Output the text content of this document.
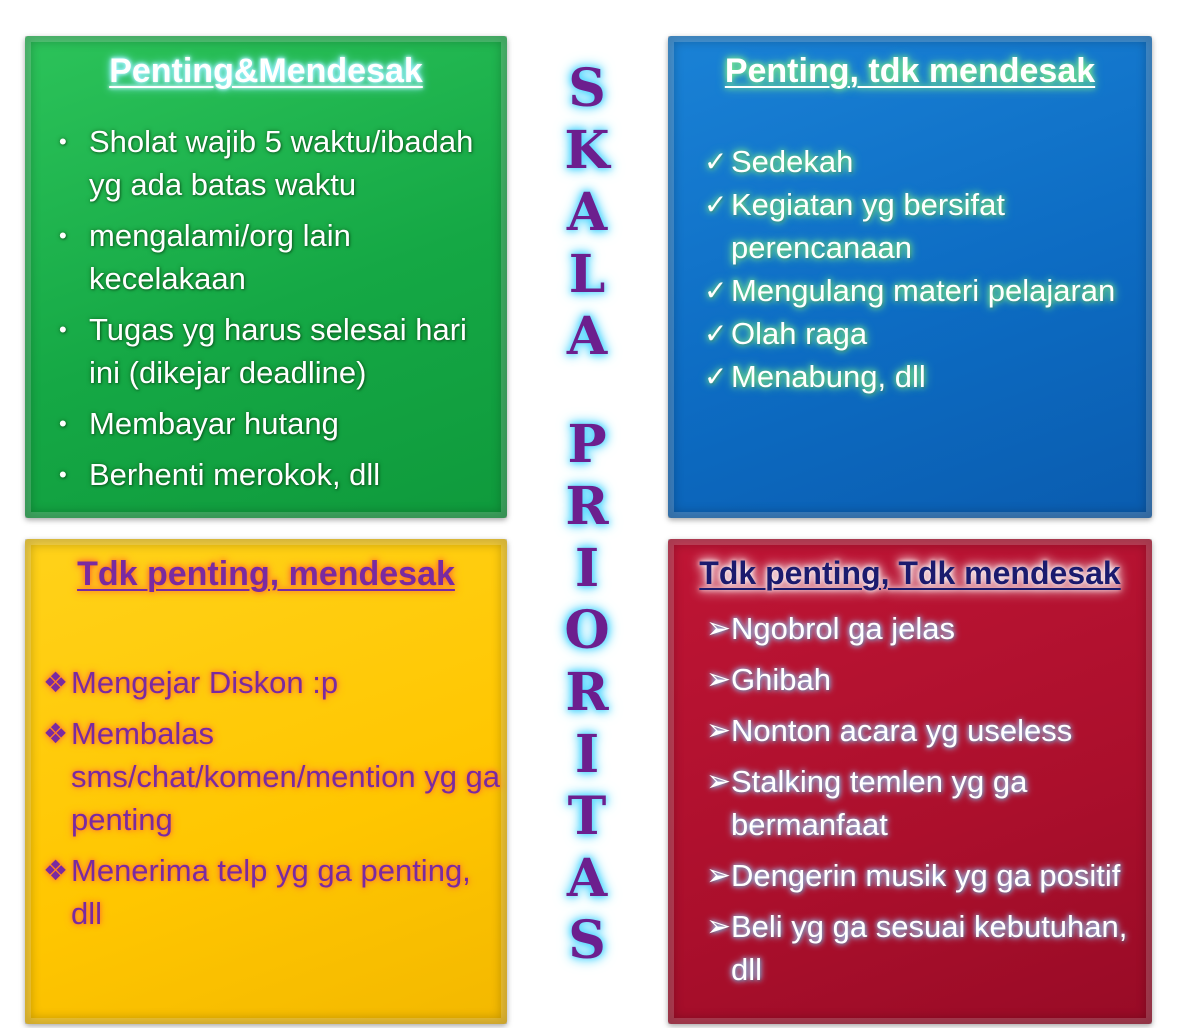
Penting&Mendesak
• Sholat wajib 5 waktu/ibadah yg ada batas waktu
• mengalami/org lain kecelakaan
• Tugas yg harus selesai hari ini (dikejar deadline)
• Membayar hutang
• Berhenti merokok, dll
Penting, tdk mendesak
✓ Sedekah
✓ Kegiatan yg bersifat perencanaan
✓ Mengulang materi pelajaran
✓ Olah raga
✓ Menabung, dll
Tdk penting, mendesak
❖ Mengejar Diskon :p
❖ Membalas sms/chat/komen/mention yg ga penting
❖ Menerima telp yg ga penting, dll
Tdk penting, Tdk mendesak
➢ Ngobrol ga jelas
➢ Ghibah
➢ Nonton acara yg useless
➢ Stalking temlen yg ga bermanfaat
➢ Dengerin musik yg ga positif
➢ Beli yg ga sesuai kebutuhan, dll
S
K
A
L
A
P
R
I
O
R
I
T
A
S
